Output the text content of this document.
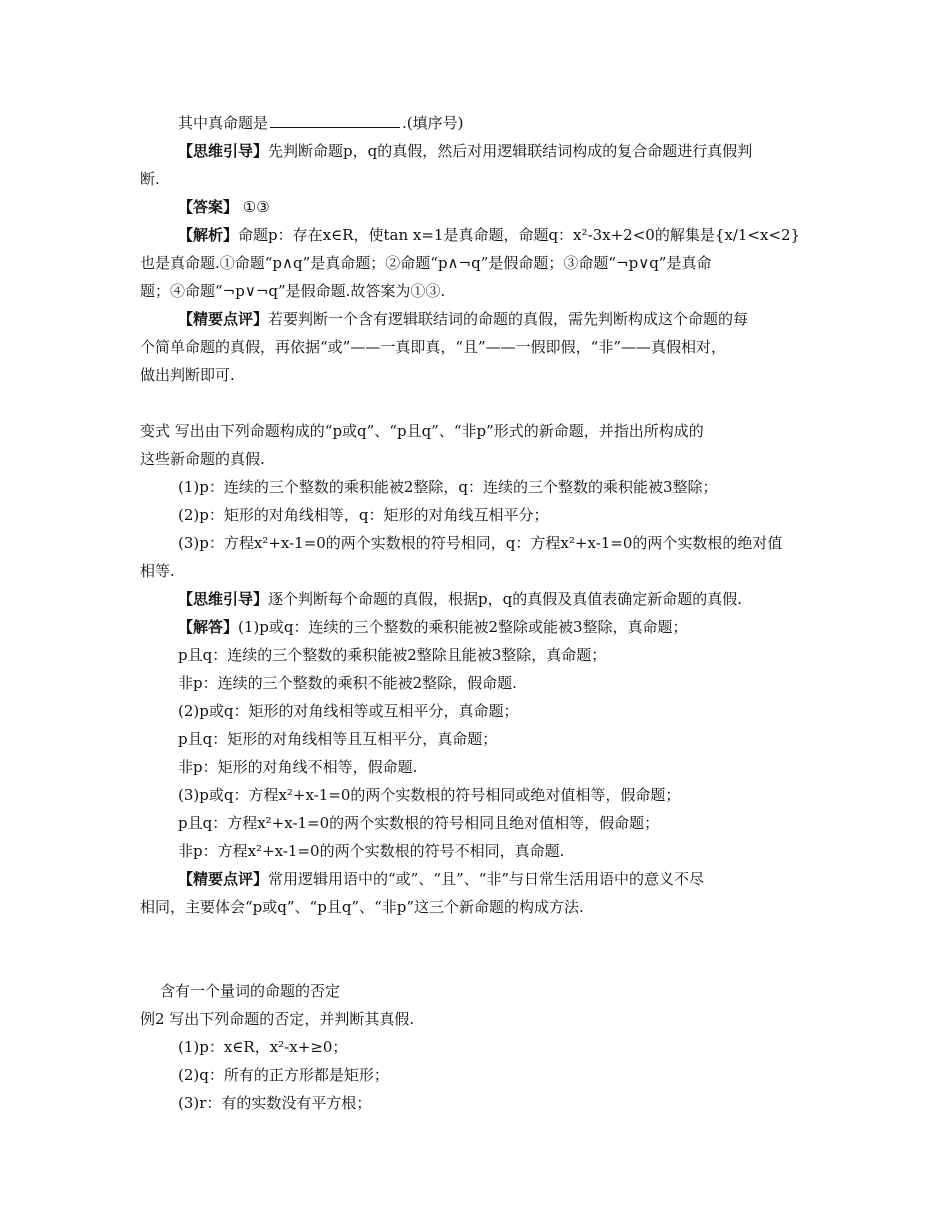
其中真命题是	.(填序号)
【思维引导】先判断命题p，q的真假，然后对用逻辑联结词构成的复合命题进行真假判
断.
【答案】 ①③
【解析】命题p：存在x∈R，使tan x=1是真命题，命题q：x²-3x+2<0的解集是{x/1<x<2}
也是真命题.①命题“p∧q”是真命题；②命题“p∧¬q”是假命题；③命题“¬p∨q”是真命
题；④命题“¬p∨¬q”是假命题.故答案为①③.
【精要点评】若要判断一个含有逻辑联结词的命题的真假，需先判断构成这个命题的每
个简单命题的真假，再依据“或”——一真即真，“且”——一假即假，“非”——真假相对，
做出判断即可.
变式 写出由下列命题构成的“p或q”、“p且q”、“非p”形式的新命题，并指出所构成的
这些新命题的真假.
(1)p：连续的三个整数的乘积能被2整除，q：连续的三个整数的乘积能被3整除；
(2)p：矩形的对角线相等，q：矩形的对角线互相平分；
(3)p：方程x²+x-1=0的两个实数根的符号相同，q：方程x²+x-1=0的两个实数根的绝对值
相等.
【思维引导】逐个判断每个命题的真假，根据p，q的真假及真值表确定新命题的真假.
【解答】(1)p或q：连续的三个整数的乘积能被2整除或能被3整除，真命题；
p且q：连续的三个整数的乘积能被2整除且能被3整除，真命题；
非p：连续的三个整数的乘积不能被2整除，假命题.
(2)p或q：矩形的对角线相等或互相平分，真命题；
p且q：矩形的对角线相等且互相平分，真命题；
非p：矩形的对角线不相等，假命题.
(3)p或q：方程x²+x-1=0的两个实数根的符号相同或绝对值相等，假命题；
p且q：方程x²+x-1=0的两个实数根的符号相同且绝对值相等，假命题；
非p：方程x²+x-1=0的两个实数根的符号不相同，真命题.
【精要点评】常用逻辑用语中的“或”、“且”、“非”与日常生活用语中的意义不尽
相同，主要体会“p或q”、“p且q”、“非p”这三个新命题的构成方法.
含有一个量词的命题的否定
例2 写出下列命题的否定，并判断其真假.
(1)p：x∈R，x²-x+≥0；
(2)q：所有的正方形都是矩形；
(3)r：有的实数没有平方根；
